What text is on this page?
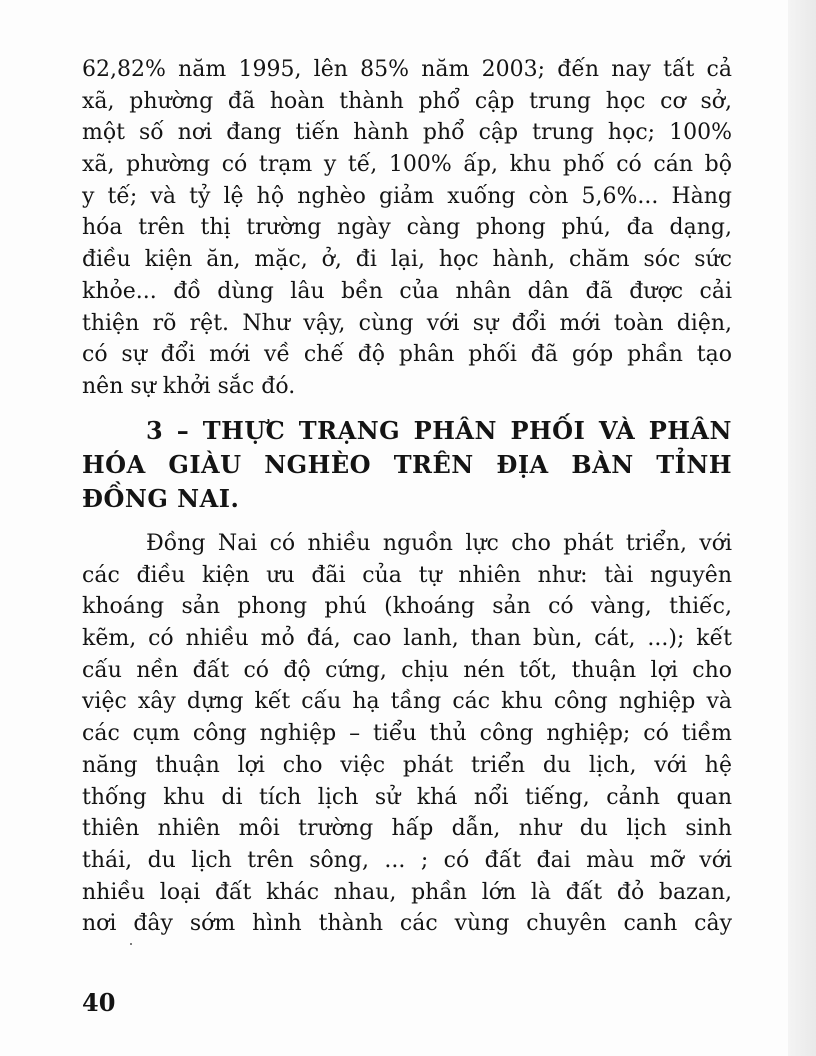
62,82% năm 1995, lên 85% năm 2003; đến nay tất cả
xã, phường đã hoàn thành phổ cập trung học cơ sở,
một số nơi đang tiến hành phổ cập trung học; 100%
xã, phường có trạm y tế, 100% ấp, khu phố có cán bộ
y tế; và tỷ lệ hộ nghèo giảm xuống còn 5,6%... Hàng
hóa trên thị trường ngày càng phong phú, đa dạng,
điều kiện ăn, mặc, ở, đi lại, học hành, chăm sóc sức
khỏe... đồ dùng lâu bền của nhân dân đã được cải
thiện rõ rệt. Như vậy, cùng với sự đổi mới toàn diện,
có sự đổi mới về chế độ phân phối đã góp phần tạo
nên sự khởi sắc đó.
3 – THỰC TRẠNG PHÂN PHỐI VÀ PHÂN
HÓA GIÀU NGHÈO TRÊN ĐỊA BÀN TỈNH
ĐỒNG NAI.
Đồng Nai có nhiều nguồn lực cho phát triển, với
các điều kiện ưu đãi của tự nhiên như: tài nguyên
khoáng sản phong phú (khoáng sản có vàng, thiếc,
kẽm, có nhiều mỏ đá, cao lanh, than bùn, cát, ...); kết
cấu nền đất có độ cứng, chịu nén tốt, thuận lợi cho
việc xây dựng kết cấu hạ tầng các khu công nghiệp và
các cụm công nghiệp – tiểu thủ công nghiệp; có tiềm
năng thuận lợi cho việc phát triển du lịch, với hệ
thống khu di tích lịch sử khá nổi tiếng, cảnh quan
thiên nhiên môi trường hấp dẫn, như du lịch sinh
thái, du lịch trên sông, ... ; có đất đai màu mỡ với
nhiều loại đất khác nhau, phần lớn là đất đỏ bazan,
nơi đây sớm hình thành các vùng chuyên canh cây
40
